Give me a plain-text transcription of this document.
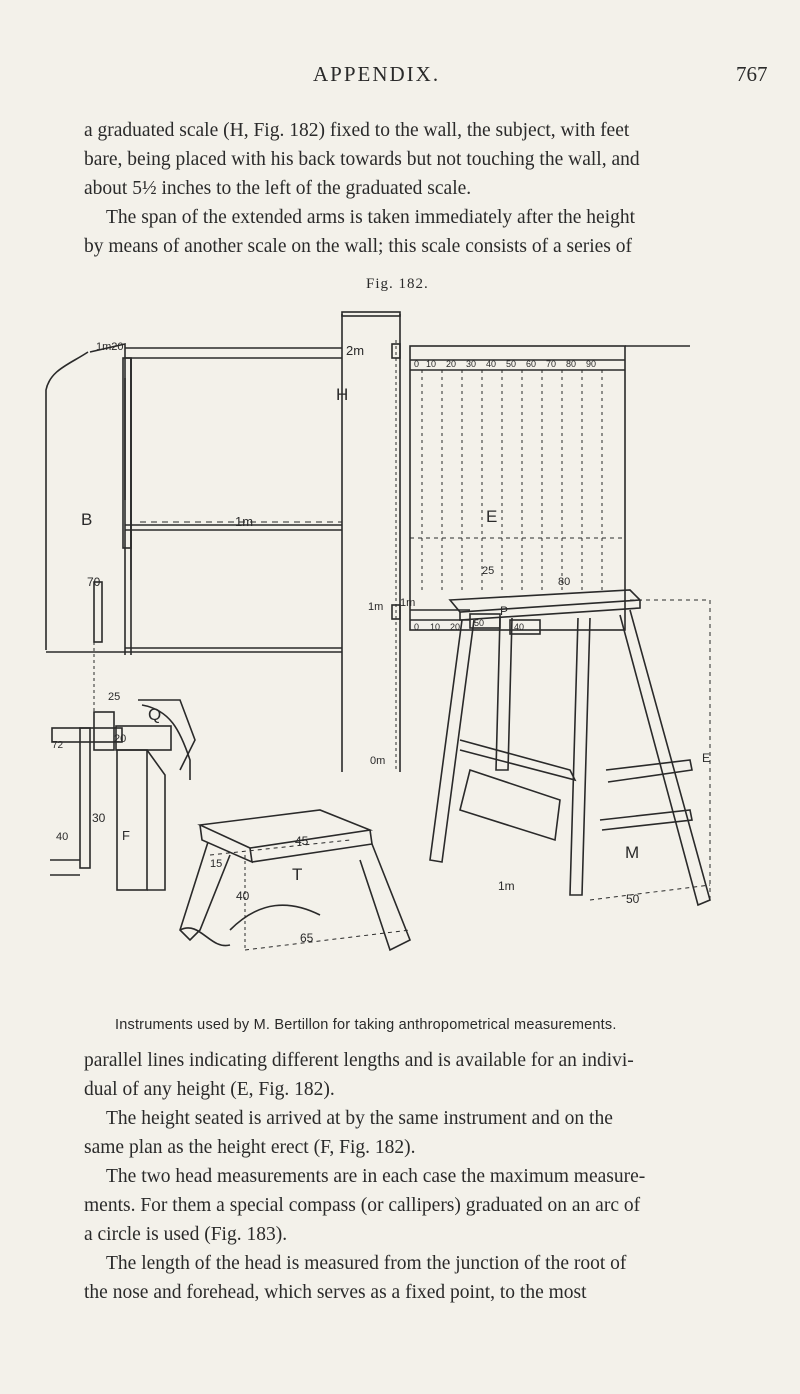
APPENDIX.	767
a graduated scale (H, Fig. 182) fixed to the wall, the subject, with feet
bare, being placed with his back towards but not touching the wall, and
about 5½ inches to the left of the graduated scale.
The span of the extended arms is taken immediately after the height
by means of another scale on the wall; this scale consists of a series of
Fig. 182.
2m
H
1m
0m
1m20
B	1m
70
25
Q
20
30
40
72
F
15
45
T
40
65
0 10 20 30 40 50 60 70 80 90
E
25
80
0 10 20
1m
P
40
50
M
50
1m
E
Instruments used by M. Bertillon for taking anthropometrical measurements.
parallel lines indicating different lengths and is available for an indivi-
dual of any height (E, Fig. 182).
The height seated is arrived at by the same instrument and on the
same plan as the height erect (F, Fig. 182).
The two head measurements are in each case the maximum measure-
ments. For them a special compass (or callipers) graduated on an arc of
a circle is used (Fig. 183).
The length of the head is measured from the junction of the root of
the nose and forehead, which serves as a fixed point, to the most
